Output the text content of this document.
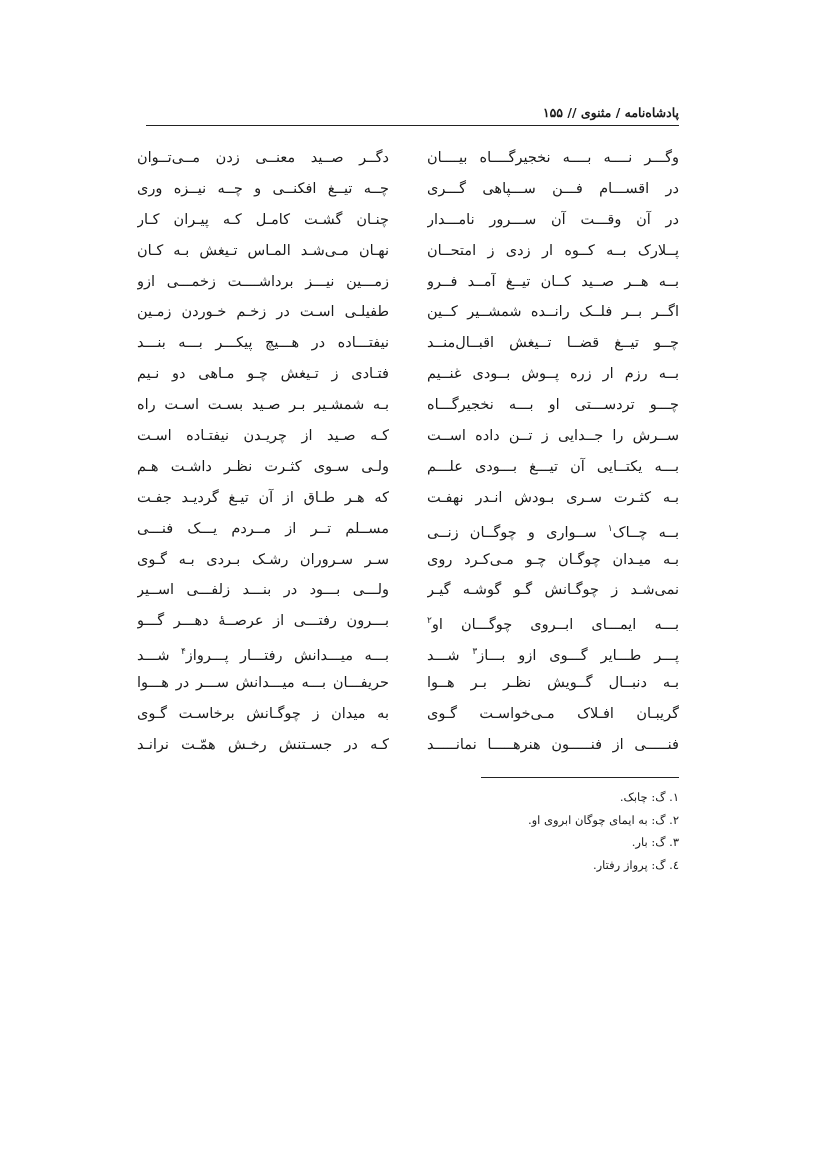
پادشاه‌نامه / مثنوی // ۱۵۵
وگـــر نــــه بــــه نخجیرگــــاه بیــــان
دگــر صــید معنــی زدن مــی‌تــوان
در اقســـام فـــن ســـپاهی گـــری
چــه تیــغ افکنــی و چــه نیــزه وری
در آن وقـــت آن ســـرور نامـــدار
چنـان گشـت کامـل کـه پیـران کـار
پــلارک بــه کــوه ار زدی ز امتحــان
نهـان مـی‌شـد المـاس تـیغش بـه کـان
بــه هــر صــید کــان تیــغ آمــد فــرو
زمـــین نیـــز برداشــــت زخمـــی ازو
اگــر بــر فلــک رانــده شمشــیر کــین
طفیلـی اسـت در زخـم خـوردن زمـین
چــو تیــغ قضــا تــیغش اقبــال‌منــد
نیفتـــاده در هـــیچ پیکـــر بـــه بنـــد
بــه رزم ار زره پــوش بــودی غنــیم
فتـادی ز تـیغش چـو مـاهی دو نـیم
چـــو تردســـتی او بـــه نخجیرگـــاه
بـه شمشـیر بـر صـید بسـت اسـت راه
ســرش را جــدایی ز تــن داده اســت
کـه صـید از چریـدن نیفتـاده اسـت
بـــه یکتــایی آن تیـــغ بـــودی علـــم
ولـی سـوی کثـرت نظـر داشـت هـم
بـه کثـرت سـری بـودش انـدر نهفـت
که هـر طـاق از آن تیـغ گردیـد جفـت
بــه چــاک$^۱$ ســواری و چوگــان زنــی
مســلم تــر از مــردم یـــک فنـــی
بـه میـدان چوگـان چـو مـی‌کـرد روی
سـر سـروران رشـک بـردی بـه گـوی
نمی‌شـد ز چوگـانش گـو گوشـه گیـر
ولـــی بـــود در بنـــد زلفـــی اســیر
بـــه ایمـــای ابــروی چوگـــان او$^۲$
بـــرون رفتـــی از عرصــهٔ دهـــر گـــو
پـــر طـــایر گـــوی ازو بـــاز$^۳$ شـــد
بـــه میـــدانش رفتـــار پـــرواز$^۴$ شـــد
بـه دنبــال گــویش نظـر بـر هــوا
حریفـــان بـــه میـــدانش ســـر در هـــوا
گریبـان افـلاک مـی‌خواسـت گـوی
به میدان ز چوگـانش برخاسـت گـوی
فنـــــی از فنـــــون هنرهـــــا نمانـــــد
کـه در جسـتنش رخـش همّـت نرانـد
۱. گ: چابک.
۲. گ: به ایمای چوگان ابروی او.
۳. گ: بار.
٤. گ: پرواز رفتار.
